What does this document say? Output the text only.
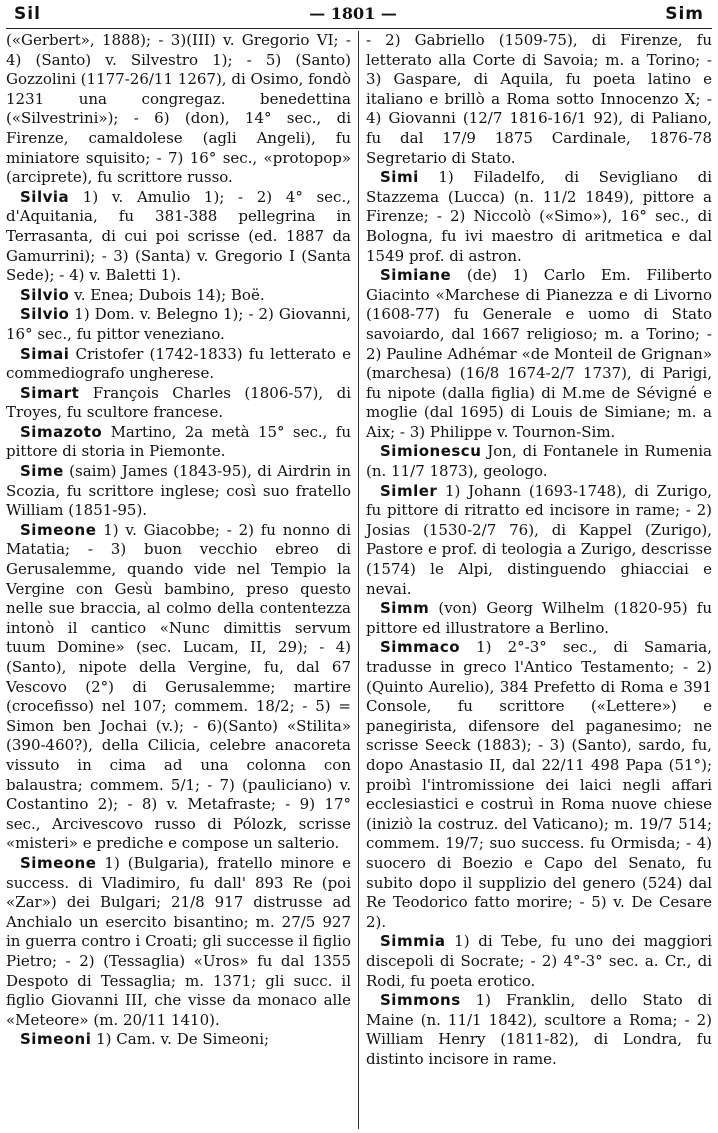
Sil	— 1801 —	Sim

(«Gerbert», 1888); - 3)(III) v. Gregorio VI; - 4) (Santo) v. Silvestro 1); - 5) (Santo) Gozzolini (1177-26/11 1267), di Osimo, fondò 1231 una congregaz. benedettina («Silvestrini»); - 6) (don), 14° sec., di Firenze, camaldolese (agli Angeli), fu miniatore squisito; - 7) 16° sec., «protopop» (arciprete), fu scrittore russo.

Silvia 1) v. Amulio 1); - 2) 4° sec., d'Aquitania, fu 381-388 pellegrina in Terrasanta, di cui poi scrisse (ed. 1887 da Gamurrini); - 3) (Santa) v. Gregorio I (Santa Sede); - 4) v. Baletti 1).

Silvio v. Enea; Dubois 14); Boë.

Silvio 1) Dom. v. Belegno 1); - 2) Giovanni, 16° sec., fu pittor veneziano.

Simai Cristofer (1742-1833) fu letterato e commediografo ungherese.

Simart François Charles (1806-57), di Troyes, fu scultore francese.

Simazoto Martino, 2a metà 15° sec., fu pittore di storia in Piemonte.

Sime (saim) James (1843-95), di Airdrin in Scozia, fu scrittore inglese; così suo fratello William (1851-95).

Simeone 1) v. Giacobbe; - 2) fu nonno di Matatia; - 3) buon vecchio ebreo di Gerusalemme, quando vide nel Tempio la Vergine con Gesù bambino, preso questo nelle sue braccia, al colmo della contentezza intonò il cantico «Nunc dimittis servum tuum Domine» (sec. Lucam, II, 29); - 4) (Santo), nipote della Vergine, fu, dal 67 Vescovo (2°) di Gerusalemme; martire (crocefisso) nel 107; commem. 18/2; - 5) = Simon ben Jochai (v.); - 6)(Santo) «Stilita» (390-460?), della Cilicia, celebre anacoreta vissuto in cima ad una colonna con balaustra; commem. 5/1; - 7) (pauliciano) v. Costantino 2); - 8) v. Metafraste; - 9) 17° sec., Arcivescovo russo di Pólozk, scrisse «misteri» e prediche e compose un salterio.

Simeone 1) (Bulgaria), fratello minore e success. di Vladimiro, fu dall' 893 Re (poi «Zar») dei Bulgari; 21/8 917 distrusse ad Anchialo un esercito bisantino; m. 27/5 927 in guerra contro i Croati; gli successe il figlio Pietro; - 2) (Tessaglia) «Uros» fu dal 1355 Despoto di Tessaglia; m. 1371; gli succ. il figlio Giovanni III, che visse da monaco alle «Meteore» (m. 20/11 1410).

Simeoni 1) Cam. v. De Simeoni;

- 2) Gabriello (1509-75), di Firenze, fu letterato alla Corte di Savoia; m. a Torino; - 3) Gaspare, di Aquila, fu poeta latino e italiano e brillò a Roma sotto Innocenzo X; - 4) Giovanni (12/7 1816-16/1 92), di Paliano, fu dal 17/9 1875 Cardinale, 1876-78 Segretario di Stato.

Simi 1) Filadelfo, di Sevigliano di Stazzema (Lucca) (n. 11/2 1849), pittore a Firenze; - 2) Niccolò («Simo»), 16° sec., di Bologna, fu ivi maestro di aritmetica e dal 1549 prof. di astron.

Simiane (de) 1) Carlo Em. Filiberto Giacinto «Marchese di Pianezza e di Livorno (1608-77) fu Generale e uomo di Stato savoiardo, dal 1667 religioso; m. a Torino; - 2) Pauline Adhémar «de Monteil de Grignan» (marchesa) (16/8 1674-2/7 1737), di Parigi, fu nipote (dalla figlia) di M.me de Sévigné e moglie (dal 1695) di Louis de Simiane; m. a Aix; - 3) Philippe v. Tournon-Sim.

Simionescu Jon, di Fontanele in Rumenia (n. 11/7 1873), geologo.

Simler 1) Johann (1693-1748), di Zurigo, fu pittore di ritratto ed incisore in rame; - 2) Josias (1530-2/7 76), di Kappel (Zurigo), Pastore e prof. di teologia a Zurigo, descrisse (1574) le Alpi, distinguendo ghiacciai e nevai.

Simm (von) Georg Wilhelm (1820-95) fu pittore ed illustratore a Berlino.

Simmaco 1) 2°-3° sec., di Samaria, tradusse in greco l'Antico Testamento; - 2) (Quinto Aurelio), 384 Prefetto di Roma e 391 Console, fu scrittore («Lettere») e panegirista, difensore del paganesimo; ne scrisse Seeck (1883); - 3) (Santo), sardo, fu, dopo Anastasio II, dal 22/11 498 Papa (51°); proibì l'intromissione dei laici negli affari ecclesiastici e costruì in Roma nuove chiese (iniziò la costruz. del Vaticano); m. 19/7 514; commem. 19/7; suo success. fu Ormisda; - 4) suocero di Boezio e Capo del Senato, fu subito dopo il supplizio del genero (524) dal Re Teodorico fatto morire; - 5) v. De Cesare 2).

Simmia 1) di Tebe, fu uno dei maggiori discepoli di Socrate; - 2) 4°-3° sec. a. Cr., di Rodi, fu poeta erotico.

Simmons 1) Franklin, dello Stato di Maine (n. 11/1 1842), scultore a Roma; - 2) William Henry (1811-82), di Londra, fu distinto incisore in rame.
